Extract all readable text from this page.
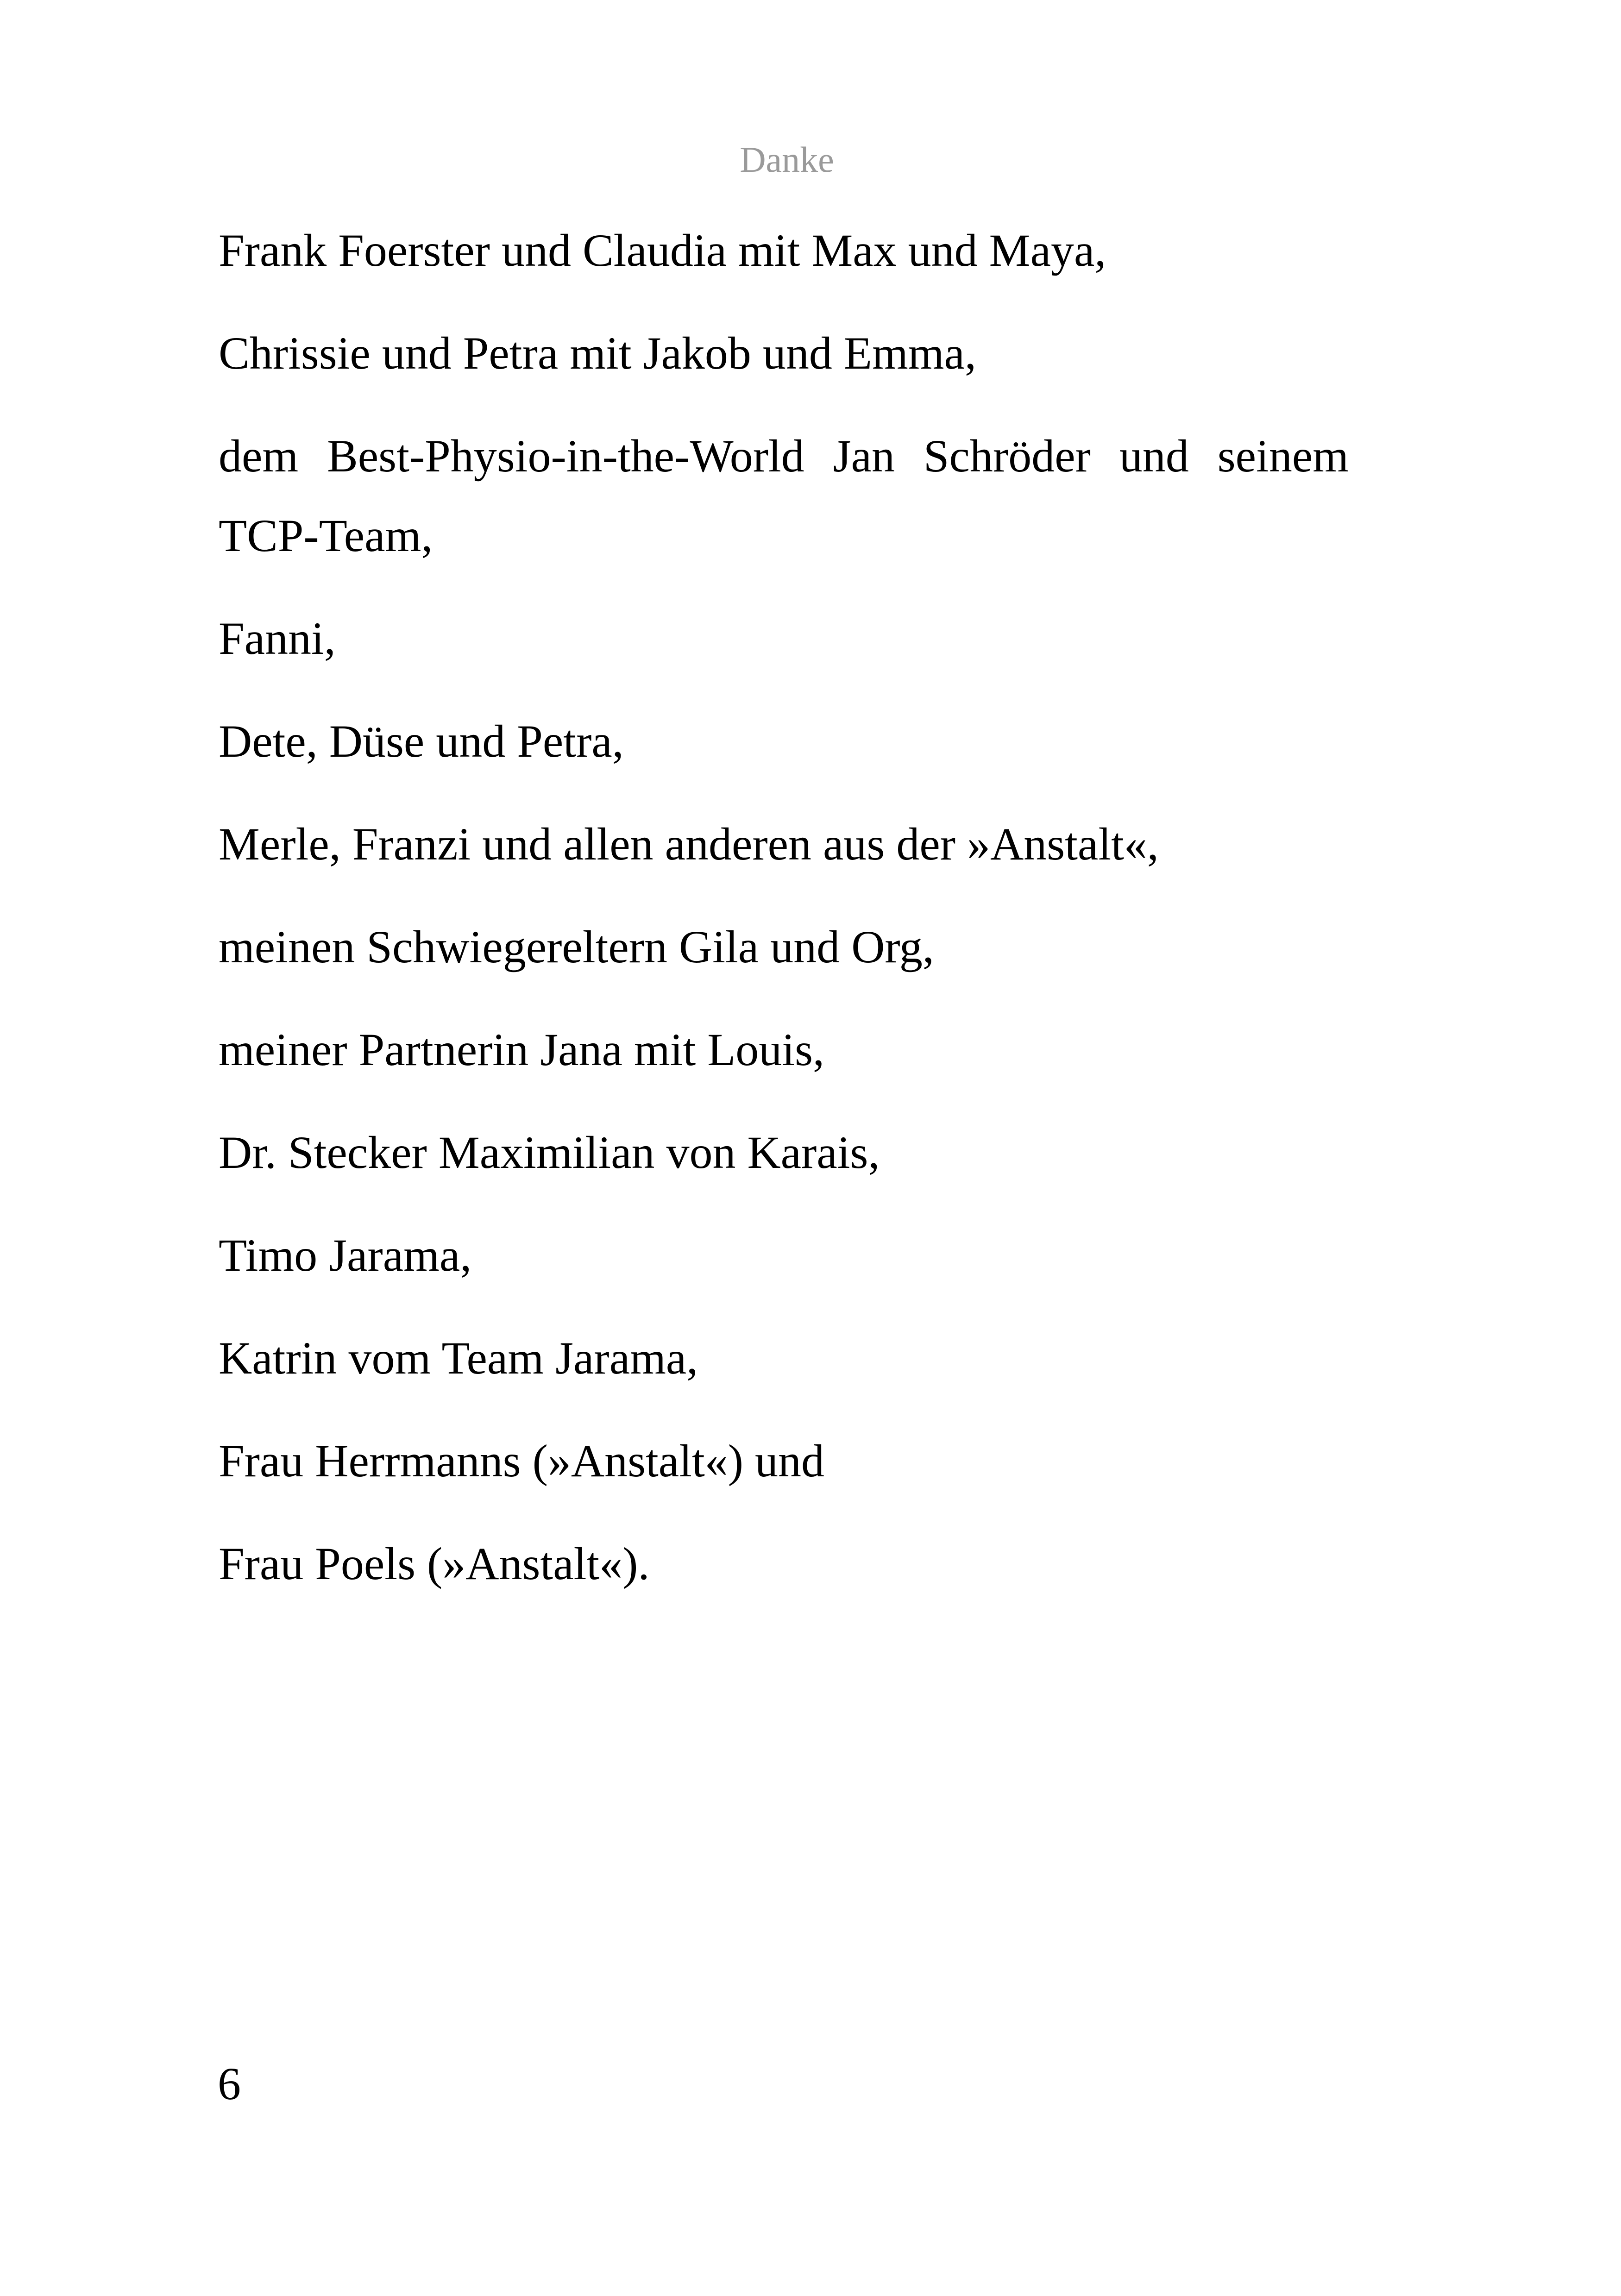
Danke
Frank Foerster und Claudia mit Max und Maya,
Chrissie und Petra mit Jakob und Emma,
dem Best-Physio-in-the-World Jan Schröder und seinem TCP-Team,
Fanni,
Dete, Düse und Petra,
Merle, Franzi und allen anderen aus der »Anstalt«,
meinen Schwiegereltern Gila und Org,
meiner Partnerin Jana mit Louis,
Dr. Stecker Maximilian von Karais,
Timo Jarama,
Katrin vom Team Jarama,
Frau Herrmanns (»Anstalt«) und
Frau Poels (»Anstalt«).
6
